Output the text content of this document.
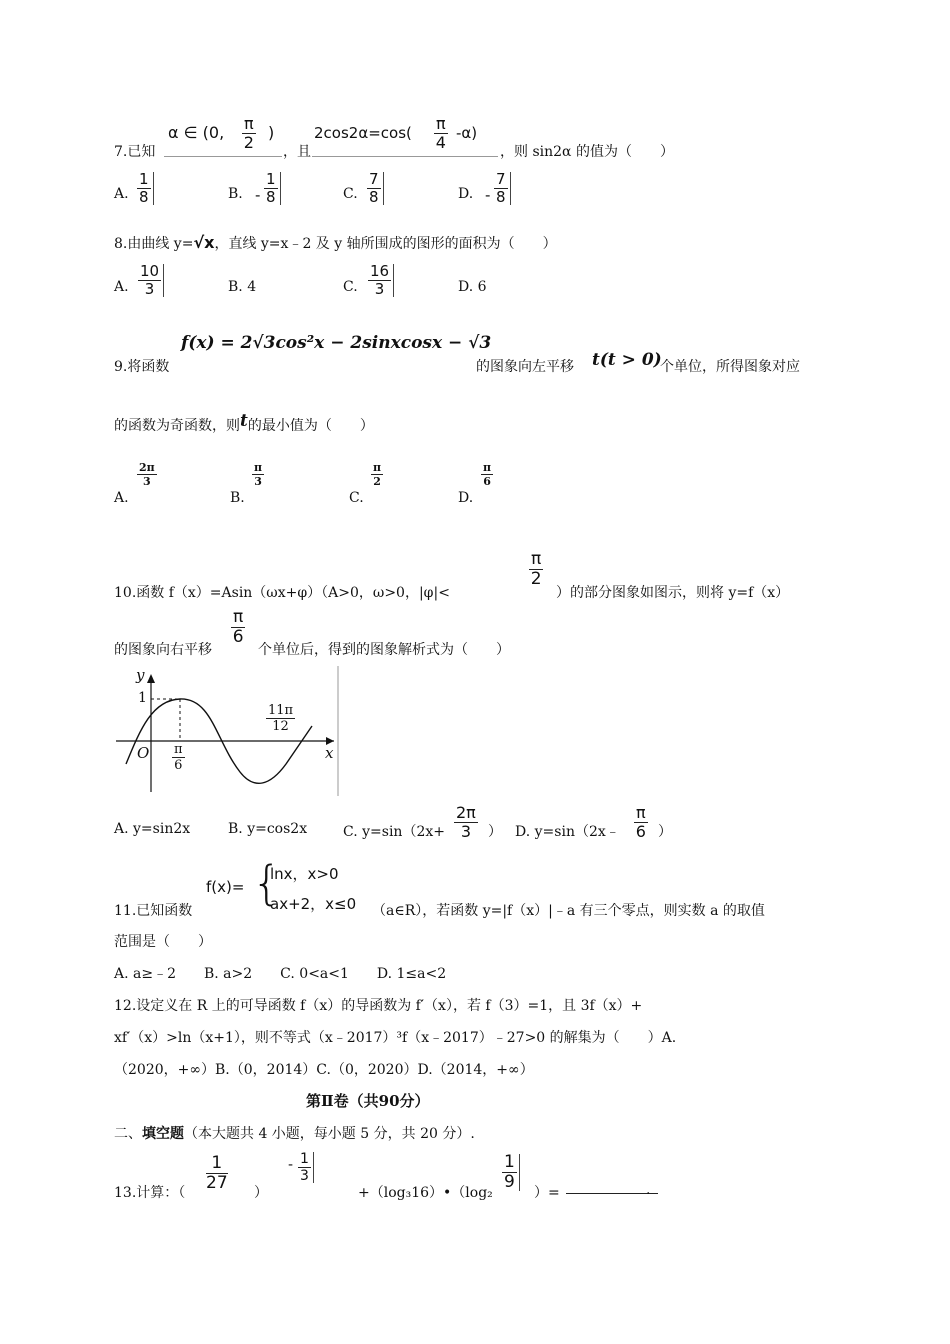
7.已知
α ∈ (0, π
2
)
，且
2cos2α=cos( π
4 -α)
，则 sin2α 的值为（　　）
A.
1
8	B. -
1
8	C.
7
8	D. -
7
8
8.由曲线 y=√x，直线 y=x﹣2 及 y 轴所围成的图形的面积为（　　）
A.
10
3	B. 4	C.
16
3	D. 6
9.将函数
f(x) = 2√3cos²x − 2sinxcosx − √3
的图象向左平移 t(t > 0)
个单位，所得图象对应
的函数为奇函数，则t的最小值为（　　）
A.
2π
3
B.
π
3
C.
π
2
D.
π
6
10.函数 f（x）=Asin（ωx+φ）（A>0，ω>0，|φ|<
π
2
）的部分图象如图示，则将 y=f（x）
的图象向右平移
π
6
个单位后，得到的图象解析式为（　　）
y
x
O
1
π
6
11π
12
A. y=sin2x	B. y=cos2x	C. y=sin（2x+
2π
3 ） D. y=sin（2x﹣
π
6 ）
11.已知函数
f(x)= {
lnx，x>0
ax+2，x≤0 （a∈R），若函数 y=|f（x）|﹣a 有三个零点，则实数 a 的取值
范围是（　　）
A. a≥﹣2　　B. a>2　　C. 0<a<1　　D. 1≤a<2
12.设定义在 R 上的可导函数 f（x）的导函数为 f′（x），若 f（3）=1，且 3f（x）+
xf′（x）>ln（x+1），则不等式（x﹣2017）³f（x﹣2017）﹣27>0 的解集为（　　）A.
（2020，+∞）B.（0，2014）C.（0，2020）D.（2014，+∞）
第Ⅱ卷（共90分）
二、填空题（本大题共 4 小题，每小题 5 分，共 20 分）.
13.计算：（
1
27 ）
- 1
3
+（log₃16）•（log₂
1
9
）=	.
